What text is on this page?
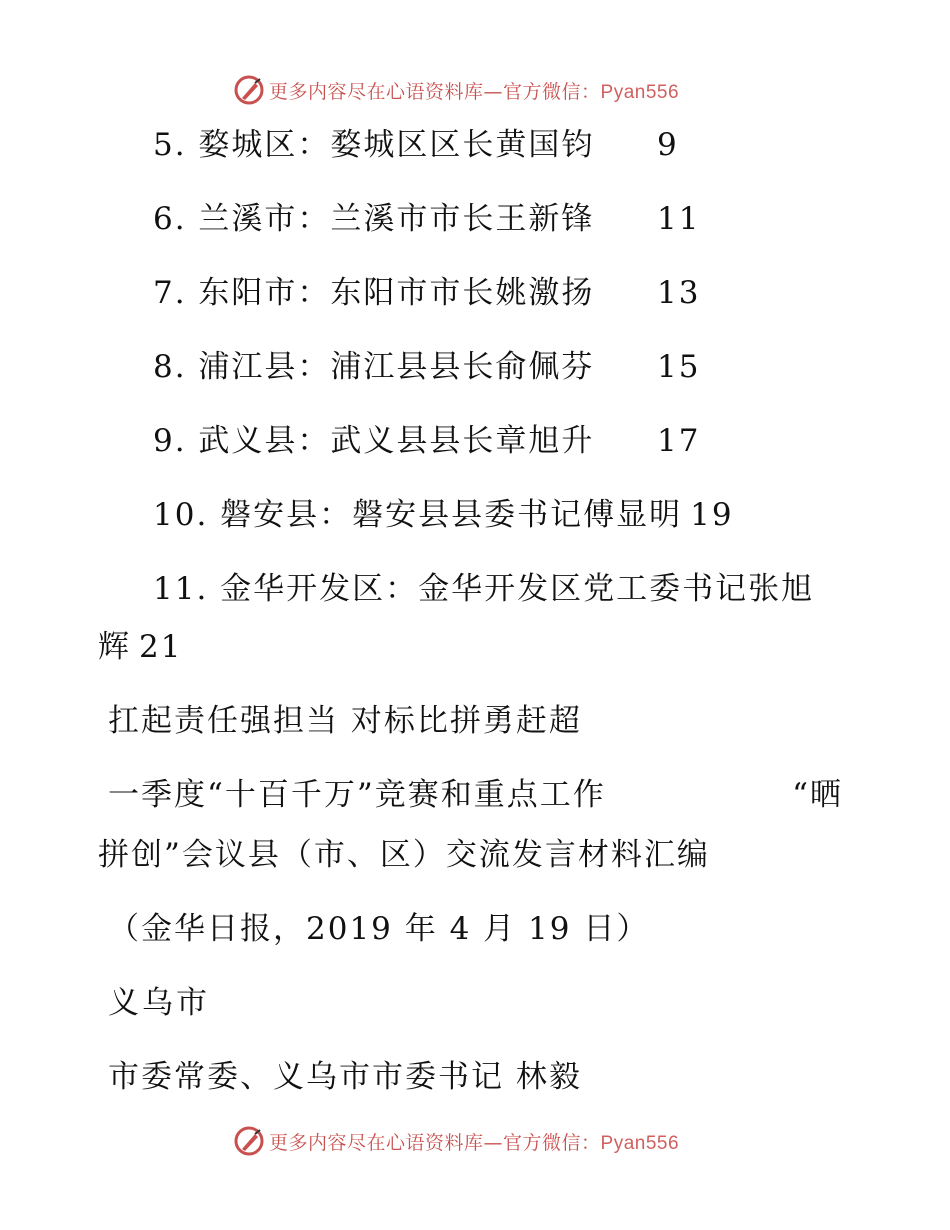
更多内容尽在心语资料库—官方微信：Pyan556
5. 婺城区：婺城区区长黄国钧 9
6. 兰溪市：兰溪市市长王新锋 11
7. 东阳市：东阳市市长姚激扬 13
8. 浦江县：浦江县县长俞佩芬 15
9. 武义县：武义县县长章旭升 17
10. 磐安县：磐安县县委书记傅显明 19
11. 金华开发区：金华开发区党工委书记张旭
辉 21
扛起责任强担当 对标比拼勇赶超
一季度“十百千万”竞赛和重点工作	“晒
拼创”会议县（市、区）交流发言材料汇编
（金华日报，2019 年 4 月 19 日）
义乌市
市委常委、义乌市市委书记 林毅
更多内容尽在心语资料库—官方微信：Pyan556
